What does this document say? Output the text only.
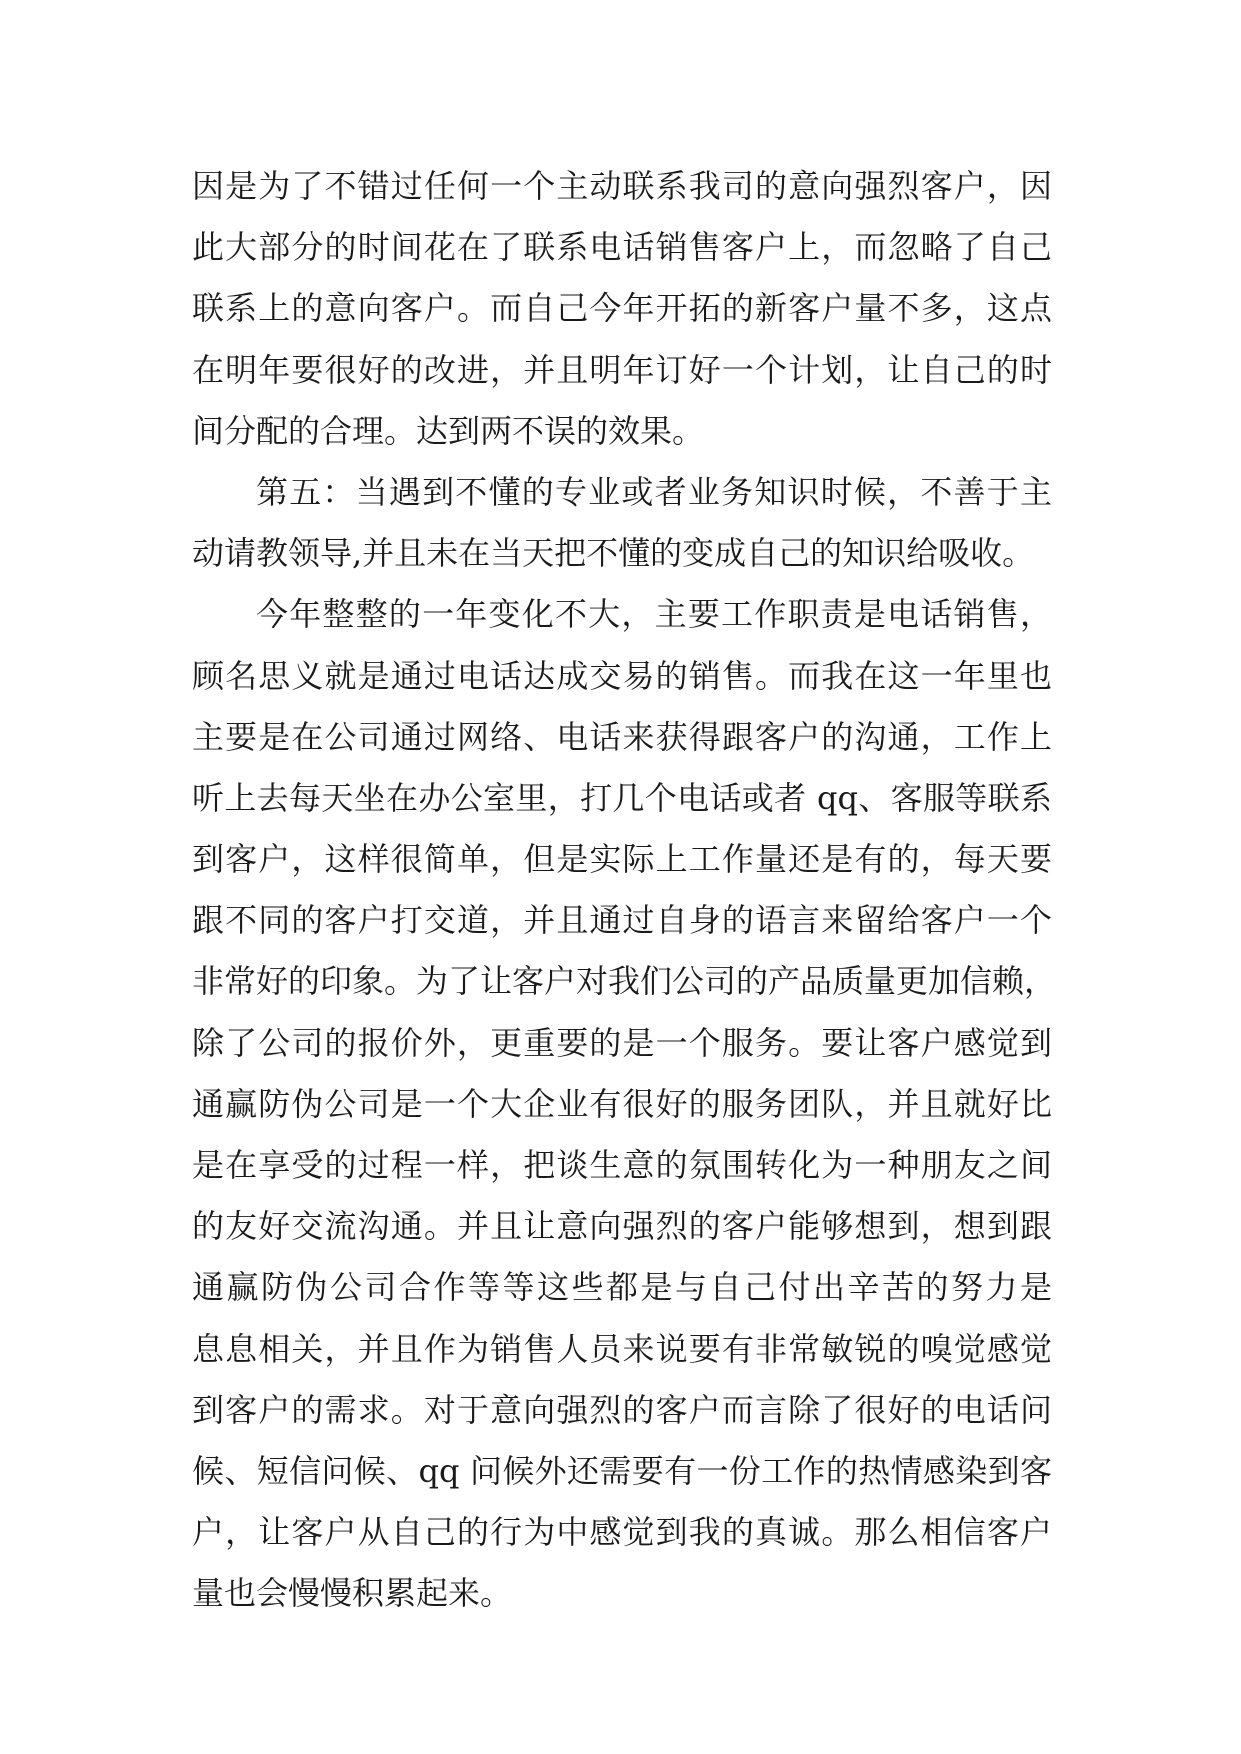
因是为了不错过任何一个主动联系我司的意向强烈客户，因
此大部分的时间花在了联系电话销售客户上，而忽略了自己
联系上的意向客户。而自己今年开拓的新客户量不多，这点
在明年要很好的改进，并且明年订好一个计划，让自己的时
间分配的合理。达到两不误的效果。
第五：当遇到不懂的专业或者业务知识时候，不善于主
动请教领导,并且未在当天把不懂的变成自己的知识给吸收。
今年整整的一年变化不大，主要工作职责是电话销售，
顾名思义就是通过电话达成交易的销售。而我在这一年里也
主要是在公司通过网络、电话来获得跟客户的沟通，工作上
听上去每天坐在办公室里，打几个电话或者 qq、客服等联系
到客户，这样很简单，但是实际上工作量还是有的，每天要
跟不同的客户打交道，并且通过自身的语言来留给客户一个
非常好的印象。为了让客户对我们公司的产品质量更加信赖，
除了公司的报价外，更重要的是一个服务。要让客户感觉到
通赢防伪公司是一个大企业有很好的服务团队，并且就好比
是在享受的过程一样，把谈生意的氛围转化为一种朋友之间
的友好交流沟通。并且让意向强烈的客户能够想到，想到跟
通赢防伪公司合作等等这些都是与自己付出辛苦的努力是
息息相关，并且作为销售人员来说要有非常敏锐的嗅觉感觉
到客户的需求。对于意向强烈的客户而言除了很好的电话问
候、短信问候、qq 问候外还需要有一份工作的热情感染到客
户，让客户从自己的行为中感觉到我的真诚。那么相信客户
量也会慢慢积累起来。
